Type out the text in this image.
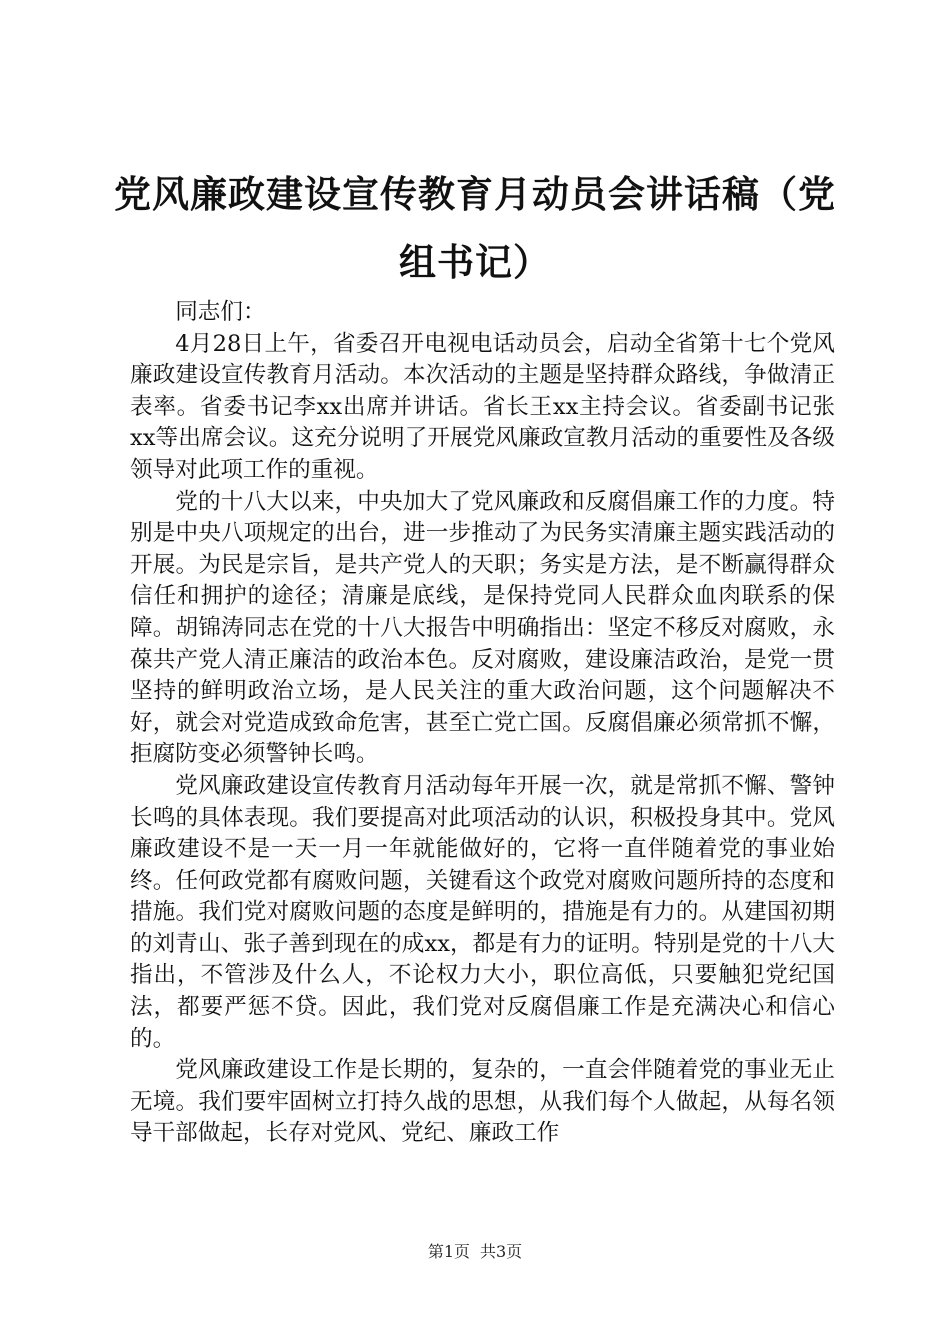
党风廉政建设宣传教育月动员会讲话稿（党组书记）

同志们：

4月28日上午，省委召开电视电话动员会，启动全省第十七个党风廉政建设宣传教育月活动。本次活动的主题是坚持群众路线，争做清正表率。省委书记李xx出席并讲话。省长王xx主持会议。省委副书记张xx等出席会议。这充分说明了开展党风廉政宣教月活动的重要性及各级领导对此项工作的重视。

党的十八大以来，中央加大了党风廉政和反腐倡廉工作的力度。特别是中央八项规定的出台，进一步推动了为民务实清廉主题实践活动的开展。为民是宗旨，是共产党人的天职；务实是方法，是不断赢得群众信任和拥护的途径；清廉是底线，是保持党同人民群众血肉联系的保障。胡锦涛同志在党的十八大报告中明确指出：坚定不移反对腐败，永葆共产党人清正廉洁的政治本色。反对腐败，建设廉洁政治，是党一贯坚持的鲜明政治立场，是人民关注的重大政治问题，这个问题解决不好，就会对党造成致命危害，甚至亡党亡国。反腐倡廉必须常抓不懈，拒腐防变必须警钟长鸣。

党风廉政建设宣传教育月活动每年开展一次，就是常抓不懈、警钟长鸣的具体表现。我们要提高对此项活动的认识，积极投身其中。党风廉政建设不是一天一月一年就能做好的，它将一直伴随着党的事业始终。任何政党都有腐败问题，关键看这个政党对腐败问题所持的态度和措施。我们党对腐败问题的态度是鲜明的，措施是有力的。从建国初期的刘青山、张子善到现在的成xx，都是有力的证明。特别是党的十八大指出，不管涉及什么人，不论权力大小，职位高低，只要触犯党纪国法，都要严惩不贷。因此，我们党对反腐倡廉工作是充满决心和信心的。

党风廉政建设工作是长期的，复杂的，一直会伴随着党的事业无止无境。我们要牢固树立打持久战的思想，从我们每个人做起，从每名领导干部做起，长存对党风、党纪、廉政工作

第1页 共3页
